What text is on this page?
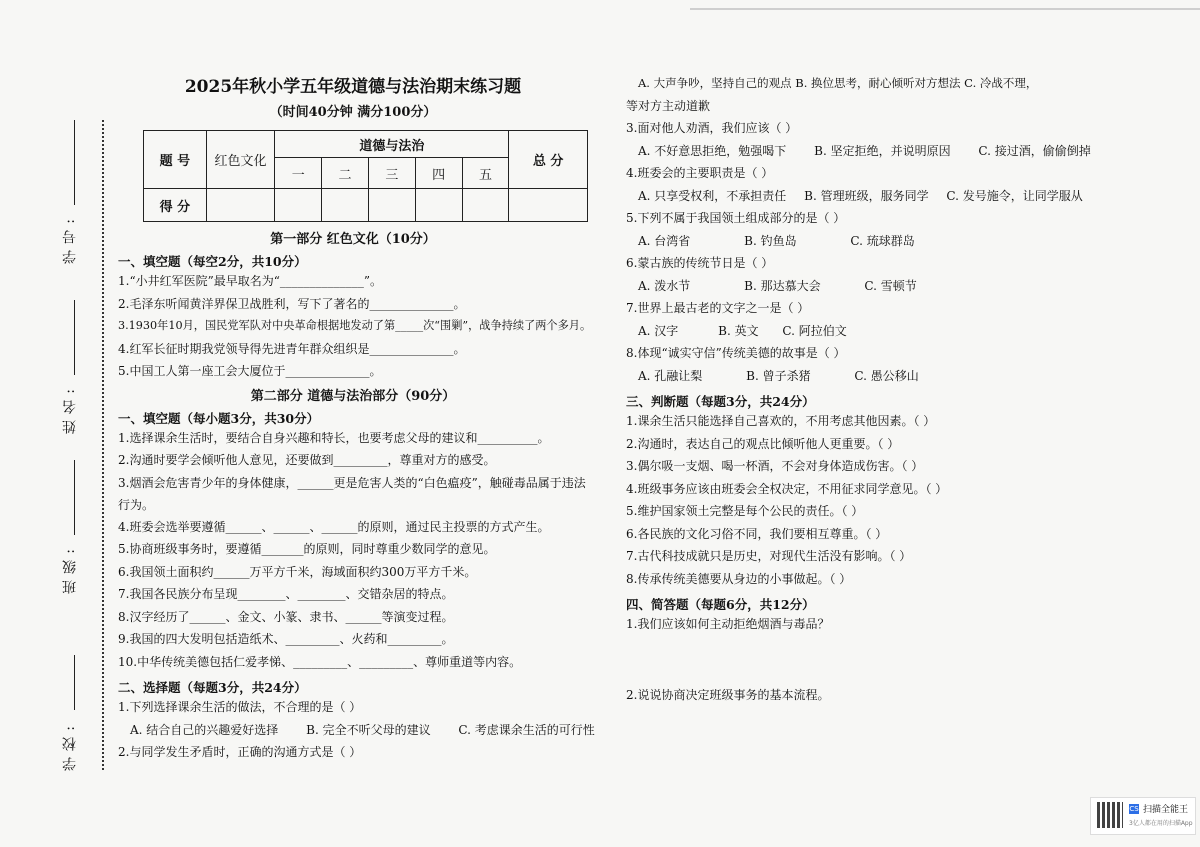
学校:
班级:
姓名:
学号:
2025年秋小学五年级道德与法治期末练习题
（时间40分钟 满分100分）
题 号	红色文化	道德与法治					总 分
		一	二	三	四	五	
得 分							
第一部分 红色文化（10分）
一、填空题（每空2分，共10分）
1.“小井红军医院”最早取名为“______________”。
2.毛泽东听闻黄洋界保卫战胜利，写下了著名的______________。
3.1930年10月，国民党军队对中央革命根据地发动了第_____次“围剿”，战争持续了两个多月。
4.红军长征时期我党领导得先进青年群众组织是______________。
5.中国工人第一座工会大厦位于______________。
第二部分 道德与法治部分（90分）
一、填空题（每小题3分，共30分）
1.选择课余生活时，要结合自身兴趣和特长，也要考虑父母的建议和__________。
2.沟通时要学会倾听他人意见，还要做到_________，尊重对方的感受。
3.烟酒会危害青少年的身体健康，______更是危害人类的“白色瘟疫”，触碰毒品属于违法行为。
4.班委会选举要遵循______、______、______的原则，通过民主投票的方式产生。
5.协商班级事务时，要遵循_______的原则，同时尊重少数同学的意见。
6.我国领土面积约______万平方千米，海域面积约300万平方千米。
7.我国各民族分布呈现________、________、交错杂居的特点。
8.汉字经历了______、金文、小篆、隶书、______等演变过程。
9.我国的四大发明包括造纸术、_________、火药和_________。
10.中华传统美德包括仁爱孝悌、_________、_________、尊师重道等内容。
二、选择题（每题3分，共24分）
1.下列选择课余生活的做法，不合理的是（ ）
A. 结合自己的兴趣爱好选择 B. 完全不听父母的建议 C. 考虑课余生活的可行性
2.与同学发生矛盾时，正确的沟通方式是（ ）
A. 大声争吵，坚持自己的观点 B. 换位思考，耐心倾听对方想法 C. 冷战不理，
等对方主动道歉
3.面对他人劝酒，我们应该（ ）
A. 不好意思拒绝，勉强喝下 B. 坚定拒绝，并说明原因 C. 接过酒，偷偷倒掉
4.班委会的主要职责是（ ）
A. 只享受权利，不承担责任 B. 管理班级，服务同学 C. 发号施令，让同学服从
5.下列不属于我国领土组成部分的是（ ）
A. 台湾省	B. 钓鱼岛	C. 琉球群岛
6.蒙古族的传统节日是（ ）
A. 泼水节	B. 那达慕大会	C. 雪顿节
7.世界上最古老的文字之一是（ ）
A. 汉字	B. 英文 C. 阿拉伯文
8.体现“诚实守信”传统美德的故事是（ ）
A. 孔融让梨	B. 曾子杀猪	C. 愚公移山
三、判断题（每题3分，共24分）
1.课余生活只能选择自己喜欢的，不用考虑其他因素。（ ）
2.沟通时，表达自己的观点比倾听他人更重要。（ ）
3.偶尔吸一支烟、喝一杯酒，不会对身体造成伤害。（ ）
4.班级事务应该由班委会全权决定，不用征求同学意见。（ ）
5.维护国家领土完整是每个公民的责任。（ ）
6.各民族的文化习俗不同，我们要相互尊重。（ ）
7.古代科技成就只是历史，对现代生活没有影响。（ ）
8.传承传统美德要从身边的小事做起。（ ）
四、简答题（每题6分，共12分）
1.我们应该如何主动拒绝烟酒与毒品？
2.说说协商决定班级事务的基本流程。
CS 扫描全能王
3亿人都在用的扫描App
